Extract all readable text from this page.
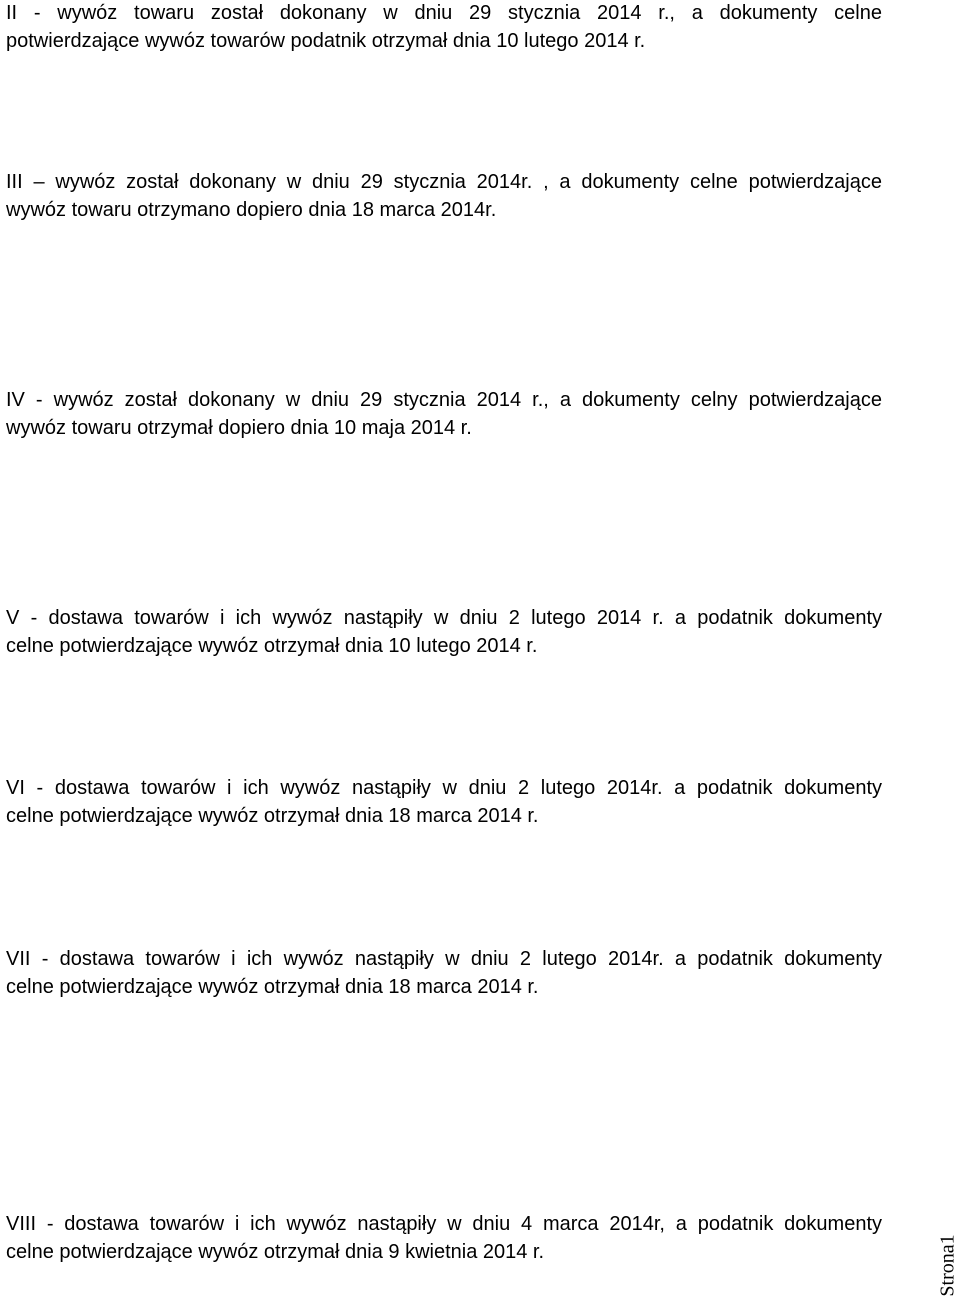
II - wywóz towaru został dokonany w dniu 29 stycznia 2014 r., a dokumenty celne
potwierdzające wywóz towarów podatnik otrzymał dnia 10 lutego 2014 r.

III – wywóz został dokonany w dniu 29 stycznia 2014r. , a dokumenty celne potwierdzające
wywóz towaru otrzymano dopiero dnia 18 marca 2014r.

IV - wywóz został dokonany w dniu 29 stycznia 2014 r., a dokumenty celny potwierdzające
wywóz towaru otrzymał dopiero dnia 10 maja 2014 r.

V - dostawa towarów i ich wywóz nastąpiły w dniu 2 lutego 2014 r. a podatnik dokumenty
celne potwierdzające wywóz otrzymał dnia 10 lutego 2014 r.

VI - dostawa towarów i ich wywóz nastąpiły w dniu 2 lutego 2014r. a podatnik dokumenty
celne potwierdzające wywóz otrzymał dnia 18 marca 2014 r.

VII - dostawa towarów i ich wywóz nastąpiły w dniu 2 lutego 2014r. a podatnik dokumenty
celne potwierdzające wywóz otrzymał dnia 18 marca 2014 r.

VIII - dostawa towarów i ich wywóz nastąpiły w dniu 4 marca 2014r, a podatnik dokumenty
celne potwierdzające wywóz otrzymał dnia 9 kwietnia 2014 r.	Strona1
